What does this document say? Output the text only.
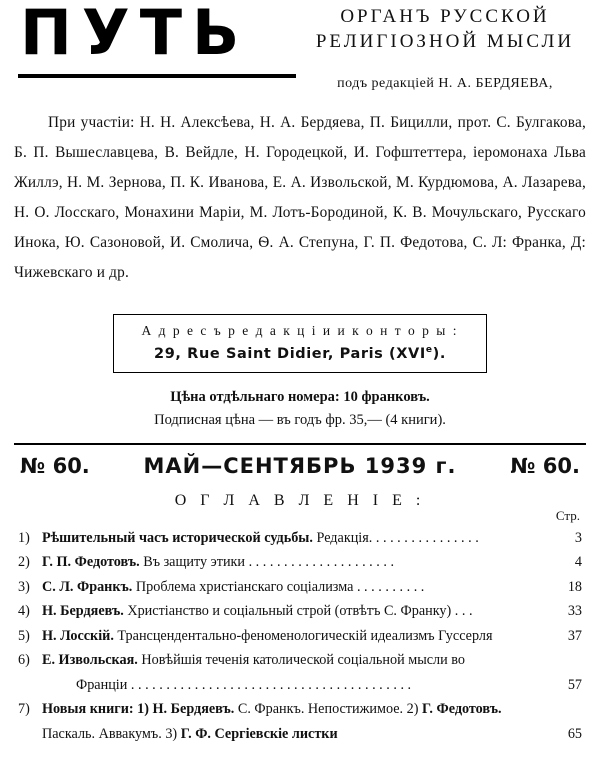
ПУТЬ	ОРГАНЪ РУССКОЙ
РЕЛИГІОЗНОЙ МЫСЛИ
подъ редакціей Н. А. БЕРДЯЕВА,
При участіи: Н. Н. Алексѣева, Н. А. Бердяева, П. Бицилли, прот. С. Булгакова, Б. П. Вышеславцева, В. Вейдле, Н. Городецкой, И. Гофштеттера, іеромонаха Льва Жиллэ, Н. М. Зернова, П. К. Иванова, Е. А. Извольской, М. Курдюмова, А. Лазарева, Н. О. Лосскаго, Монахини Маріи, М. Лотъ-Бородиной, К. В. Мочульскаго, Русскаго Инока, Ю. Сазоновой, И. Смолича, Ѳ. А. Степуна, Г. П. Федотова, С. Л: Франка, Д: Чижевскаго и др.
А д р е с ъ р е д а к ц і и и к о н т о р ы :
29, Rue Saint Didier, Paris (XVIe).
Цѣна отдѣльнаго номера: 10 франковъ.
Подписная цѣна — въ годъ фр. 35,— (4 книги).
№ 60.	МАЙ—СЕНТЯБРЬ 1939 г.	№ 60.
О Г Л А В Л Е Н І Е :
Стр.
1) Рѣшительный часъ исторической судьбы. Редакція. . . . . . . . . . . . . . . .	3
2) Г. П. Федотовъ. Въ защиту этики . . . . . . . . . . . . . . . . . . . . .	4
3) С. Л. Франкъ. Проблема христіанскаго соціализма . . . . . . . . . .	18
4) Н. Бердяевъ. Христіанство и соціальный строй (отвѣтъ С. Франку) . . .	33
5) Н. Лосскій. Трансцендентально-феноменологическій идеализмъ Гуссерля	37
6) Е. Извольская. Новѣйшія теченія католической соціальной мысли во
Франціи . . . . . . . . . . . . . . . . . . . . . . . . . . . . . . . . . . . . . . . .	57
7) Новыя книги: 1) Н. Бердяевъ. С. Франкъ. Непостижимое. 2) Г. Федотовъ.
Паскаль. Аввакумъ. 3) Г. Ф. Сергіевскіе листки	65
